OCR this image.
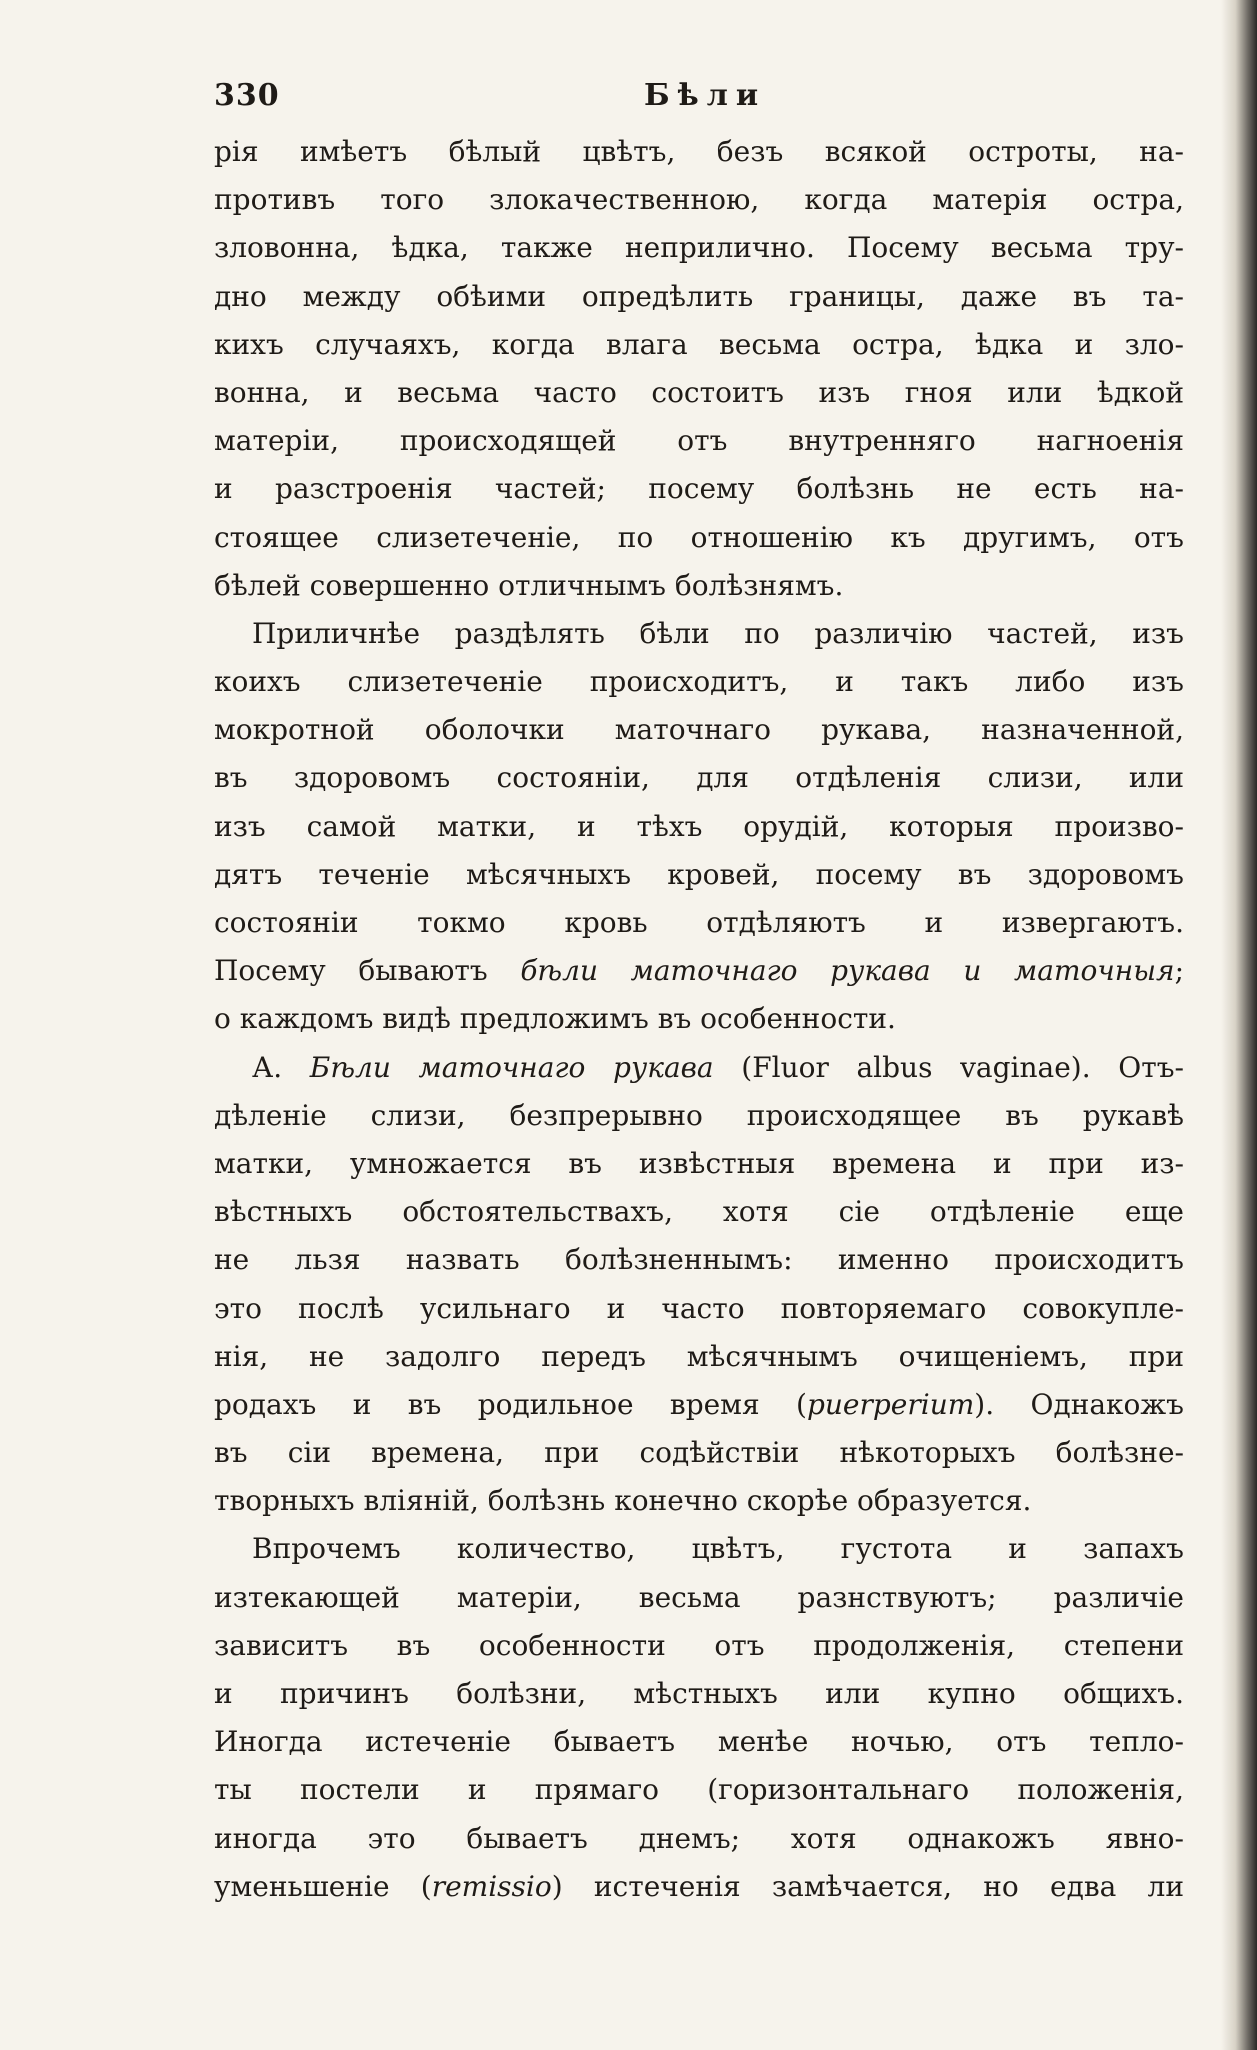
330	Бѣли
рія имѣетъ бѣлый цвѣтъ, безъ всякой остроты, на-
противъ того злокачественною, когда матерія остра,
зловонна, ѣдка, также неприлично. Посему весьма тру-
дно между обѣими опредѣлить границы, даже въ та-
кихъ случаяхъ, когда влага весьма остра, ѣдка и зло-
вонна, и весьма часто состоитъ изъ гноя или ѣдкой
матеріи, происходящей отъ внутренняго нагноенія
и разстроенія частей; посему болѣзнь не есть на-
стоящее слизетеченіе, по отношенію къ другимъ, отъ
бѣлей совершенно отличнымъ болѣзнямъ.
Приличнѣе раздѣлять бѣли по различію частей, изъ
коихъ слизетеченіе происходитъ, и такъ либо изъ
мокротной оболочки маточнаго рукава, назначенной,
въ здоровомъ состояніи, для отдѣленія слизи, или
изъ самой матки, и тѣхъ орудій, которыя произво-
дятъ теченіе мѣсячныхъ кровей, посему въ здоровомъ
состояніи токмо кровь отдѣляютъ и извергаютъ.
Посему бываютъ бѣли маточнаго рукава и маточныя;
о каждомъ видѣ предложимъ въ особенности.
А. Бѣли маточнаго рукава (Fluor albus vaginae). Отъ-
дѣленіе слизи, безпрерывно происходящее въ рукавѣ
матки, умножается въ извѣстныя времена и при из-
вѣстныхъ обстоятельствахъ, хотя сіе отдѣленіе еще
не льзя назвать болѣзненнымъ: именно происходитъ
это послѣ усильнаго и часто повторяемаго совокупле-
нія, не задолго передъ мѣсячнымъ очищеніемъ, при
родахъ и въ родильное время (puerperium). Однакожъ
въ сіи времена, при содѣйствіи нѣкоторыхъ болѣзне-
творныхъ вліяній, болѣзнь конечно скорѣе образуется.
Впрочемъ количество, цвѣтъ, густота и запахъ
изтекающей матеріи, весьма разнствуютъ; различіе
зависитъ въ особенности отъ продолженія, степени
и причинъ болѣзни, мѣстныхъ или купно общихъ.
Иногда истеченіе бываетъ менѣе ночью, отъ тепло-
ты постели и прямаго (горизонтальнаго положенія,
иногда это бываетъ днемъ; хотя однакожъ явно-
уменьшеніе (remissio) истеченія замѣчается, но едва ли
